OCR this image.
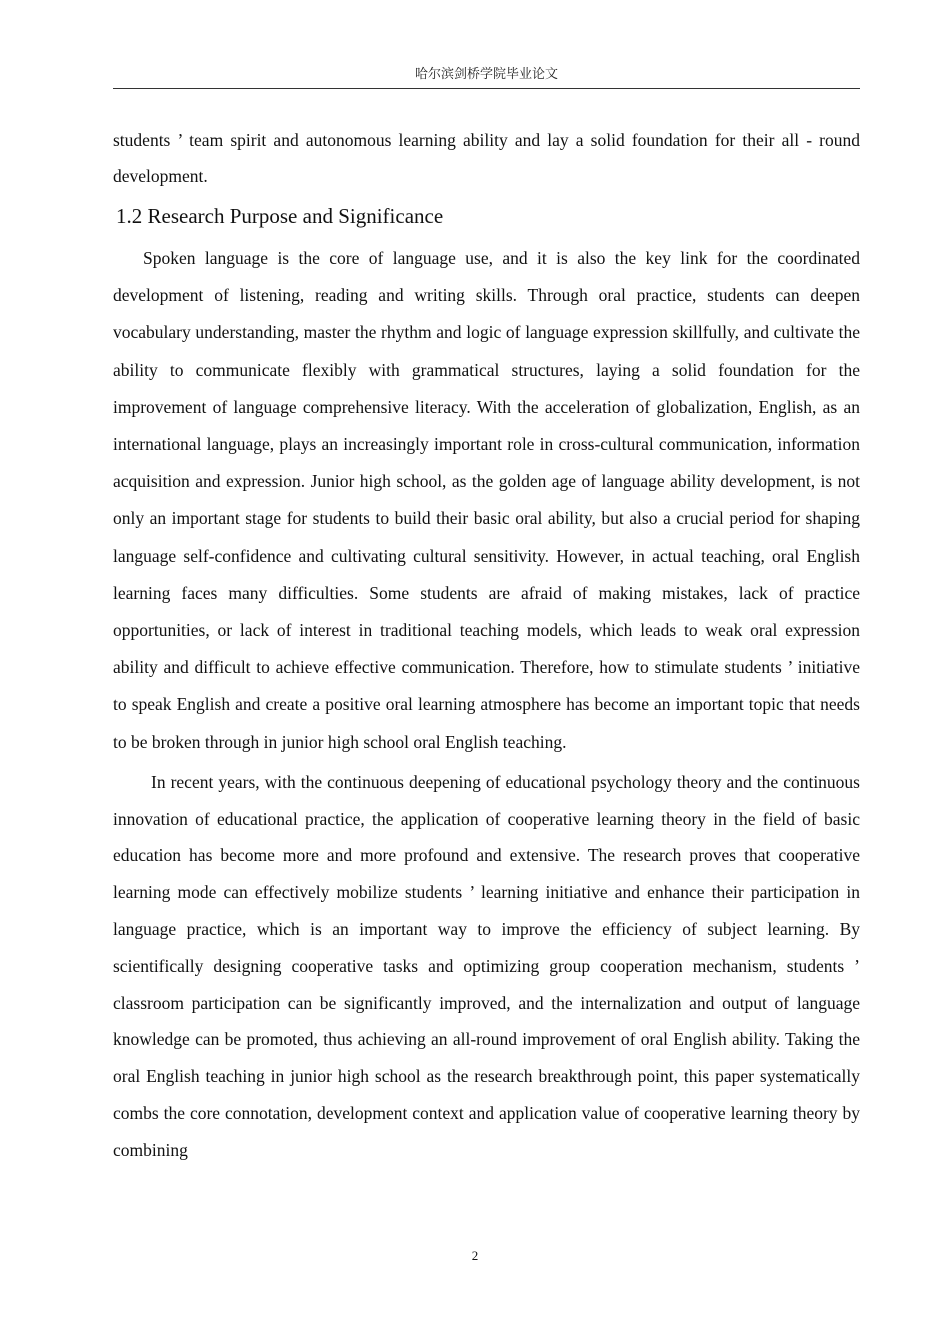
哈尔滨剑桥学院毕业论文

students ’ team spirit and autonomous learning ability and lay a solid foundation for their all - round development.

1.2 Research Purpose and Significance

Spoken language is the core of language use, and it is also the key link for the coordinated development of listening, reading and writing skills. Through oral practice, students can deepen vocabulary understanding, master the rhythm and logic of language expression skillfully, and cultivate the ability to communicate flexibly with grammatical structures, laying a solid foundation for the improvement of language comprehensive literacy. With the acceleration of globalization, English, as an international language, plays an increasingly important role in cross-cultural communication, information acquisition and expression. Junior high school, as the golden age of language ability development, is not only an important stage for students to build their basic oral ability, but also a crucial period for shaping language self-confidence and cultivating cultural sensitivity. However, in actual teaching, oral English learning faces many difficulties. Some students are afraid of making mistakes, lack of practice opportunities, or lack of interest in traditional teaching models, which leads to weak oral expression ability and difficult to achieve effective communication. Therefore, how to stimulate students ’ initiative to speak English and create a positive oral learning atmosphere has become an important topic that needs to be broken through in junior high school oral English teaching.

In recent years, with the continuous deepening of educational psychology theory and the continuous innovation of educational practice, the application of cooperative learning theory in the field of basic education has become more and more profound and extensive. The research proves that cooperative learning mode can effectively mobilize students ’ learning initiative and enhance their participation in language practice, which is an important way to improve the efficiency of subject learning. By scientifically designing cooperative tasks and optimizing group cooperation mechanism, students ’ classroom participation can be significantly improved, and the internalization and output of language knowledge can be promoted, thus achieving an all-round improvement of oral English ability. Taking the oral English teaching in junior high school as the research breakthrough point, this paper systematically combs the core connotation, development context and application value of cooperative learning theory by combining

2
